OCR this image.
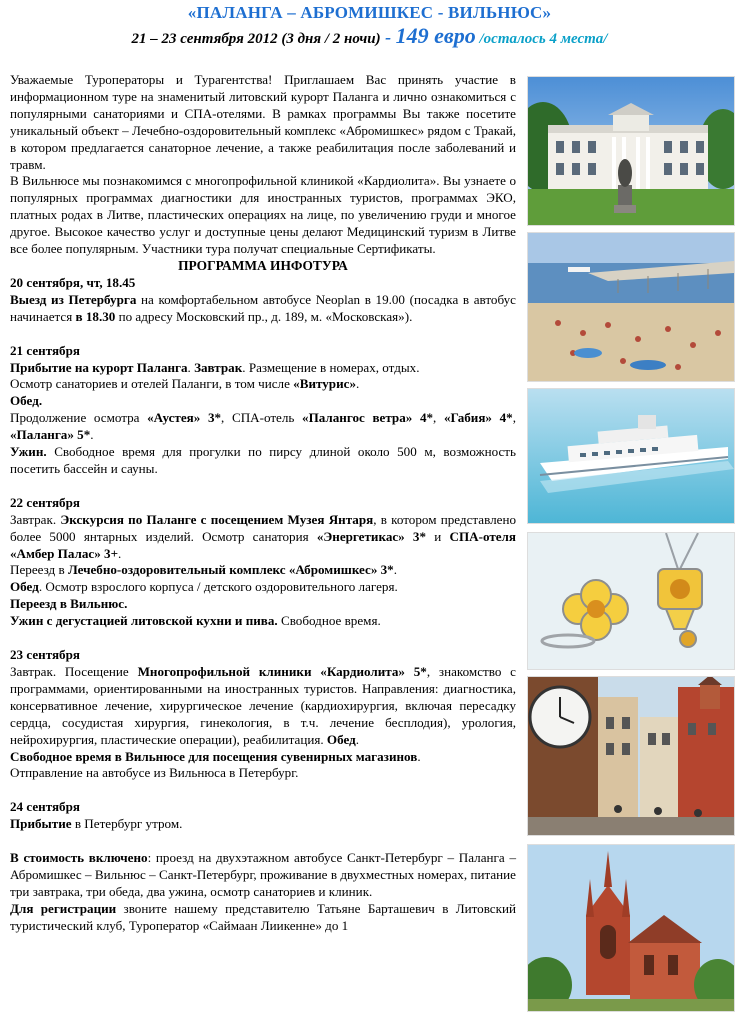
«ПАЛАНГА – АБРОМИШКЕС - ВИЛЬНЮС»
21 – 23 сентября 2012 (3 дня / 2 ночи) - 149 евро /осталось 4 места/

Уважаемые Туроператоры и Турагентства! Приглашаем Вас принять участие в информационном туре на знаменитый литовский курорт Паланга и лично ознакомиться с популярными санаториями и СПА-отелями. В рамках программы Вы также посетите уникальный объект – Лечебно-оздоровительный комплекс «Абромишкес» рядом с Тракай, в котором предлагается санаторное лечение, а также реабилитация после заболеваний и травм.

В Вильнюсе мы познакомимся с многопрофильной клиникой «Кардиолита». Вы узнаете о популярных программах диагностики для иностранных туристов, программах ЭКО, платных родах в Литве, пластических операциях на лице, по увеличению груди и многое другое. Высокое качество услуг и доступные цены делают Медицинский туризм в Литве все более популярным. Участники тура получат специальные Сертификаты.

ПРОГРАММА ИНФОТУРА

20 сентября, чт, 18.45

Выезд из Петербурга на комфортабельном автобусе Neoplan в 19.00 (посадка в автобус начинается в 18.30 по адресу Московский пр., д. 189, м. «Московская»).

21 сентября

Прибытие на курорт Паланга. Завтрак. Размещение в номерах, отдых.

Осмотр санаториев и отелей Паланги, в том числе «Витурис».

Обед.

Продолжение осмотра «Аустея» 3*, СПА-отель «Палангос ветра» 4*, «Габия» 4*, «Паланга» 5*.

Ужин. Свободное время для прогулки по пирсу длиной около 500 м, возможность посетить бассейн и сауны.

22 сентября

Завтрак. Экскурсия по Паланге с посещением Музея Янтаря, в котором представлено более 5000 янтарных изделий. Осмотр санатория «Энергетикас» 3* и СПА-отеля «Амбер Палас» 3+.

Переезд в Лечебно-оздоровительный комплекс «Абромишкес» 3*.

Обед. Осмотр взрослого корпуса / детского оздоровительного лагеря.

Переезд в Вильнюс.

Ужин с дегустацией литовской кухни и пива. Свободное время.

23 сентября

Завтрак. Посещение Многопрофильной клиники «Кардиолита» 5*, знакомство с программами, ориентированными на иностранных туристов. Направления: диагностика, консервативное лечение, хирургическое лечение (кардиохирургия, включая пересадку сердца, сосудистая хирургия, гинекология, в т.ч. лечение бесплодия), урология, нейрохирургия, пластические операции), реабилитация. Обед.

Свободное время в Вильнюсе для посещения сувенирных магазинов.

Отправление на автобусе из Вильнюса в Петербург.

24 сентября

Прибытие в Петербург утром.

В стоимость включено: проезд на двухэтажном автобусе Санкт-Петербург – Паланга – Абромишкес – Вильнюс – Санкт-Петербург, проживание в двухместных номерах, питание три завтрака, три обеда, два ужина, осмотр санаториев и клиник.

Для регистрации звоните нашему представителю Татьяне Барташевич в Литовский туристический клуб, Туроператор «Саймаан Лиикенне» до 1
